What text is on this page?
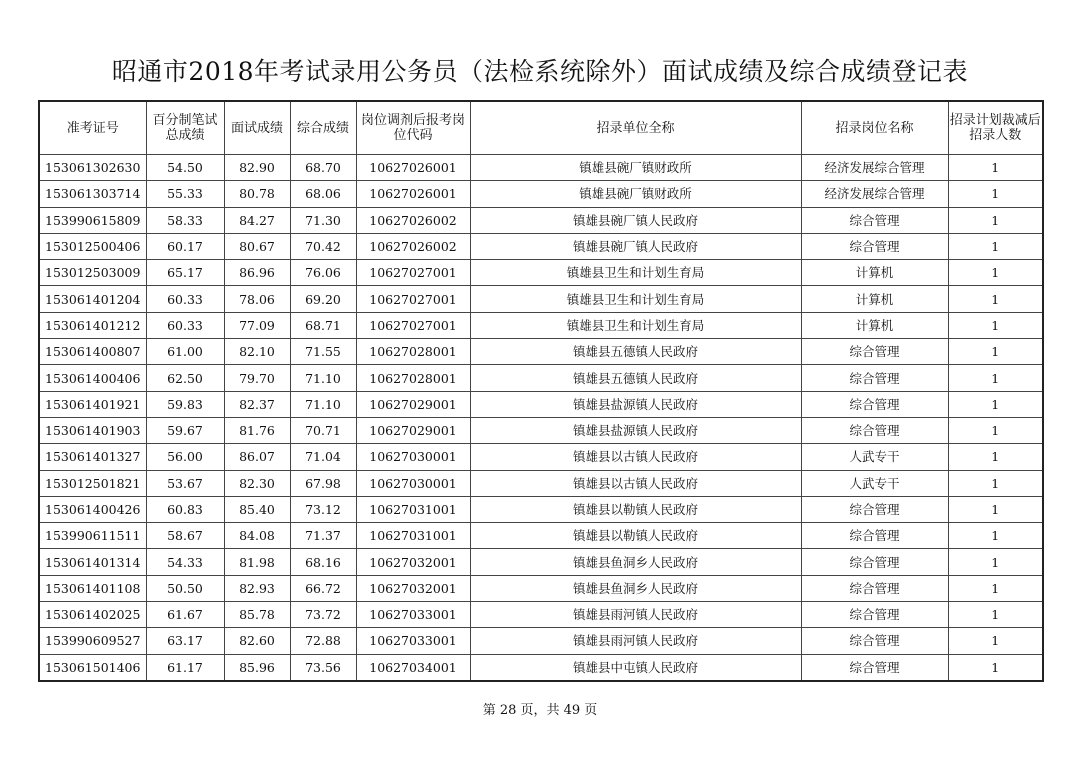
昭通市2018年考试录用公务员（法检系统除外）面试成绩及综合成绩登记表
准考证号	百分制笔试总成绩	面试成绩	综合成绩	岗位调剂后报考岗位代码	招录单位全称	招录岗位名称	招录计划裁减后招录人数
153061302630	54.50	82.90	68.70	10627026001	镇雄县碗厂镇财政所	经济发展综合管理	1
153061303714	55.33	80.78	68.06	10627026001	镇雄县碗厂镇财政所	经济发展综合管理	1
153990615809	58.33	84.27	71.30	10627026002	镇雄县碗厂镇人民政府	综合管理	1
153012500406	60.17	80.67	70.42	10627026002	镇雄县碗厂镇人民政府	综合管理	1
153012503009	65.17	86.96	76.06	10627027001	镇雄县卫生和计划生育局	计算机	1
153061401204	60.33	78.06	69.20	10627027001	镇雄县卫生和计划生育局	计算机	1
153061401212	60.33	77.09	68.71	10627027001	镇雄县卫生和计划生育局	计算机	1
153061400807	61.00	82.10	71.55	10627028001	镇雄县五德镇人民政府	综合管理	1
153061400406	62.50	79.70	71.10	10627028001	镇雄县五德镇人民政府	综合管理	1
153061401921	59.83	82.37	71.10	10627029001	镇雄县盐源镇人民政府	综合管理	1
153061401903	59.67	81.76	70.71	10627029001	镇雄县盐源镇人民政府	综合管理	1
153061401327	56.00	86.07	71.04	10627030001	镇雄县以古镇人民政府	人武专干	1
153012501821	53.67	82.30	67.98	10627030001	镇雄县以古镇人民政府	人武专干	1
153061400426	60.83	85.40	73.12	10627031001	镇雄县以勒镇人民政府	综合管理	1
153990611511	58.67	84.08	71.37	10627031001	镇雄县以勒镇人民政府	综合管理	1
153061401314	54.33	81.98	68.16	10627032001	镇雄县鱼洞乡人民政府	综合管理	1
153061401108	50.50	82.93	66.72	10627032001	镇雄县鱼洞乡人民政府	综合管理	1
153061402025	61.67	85.78	73.72	10627033001	镇雄县雨河镇人民政府	综合管理	1
153990609527	63.17	82.60	72.88	10627033001	镇雄县雨河镇人民政府	综合管理	1
153061501406	61.17	85.96	73.56	10627034001	镇雄县中屯镇人民政府	综合管理	1
第 28 页，共 49 页
